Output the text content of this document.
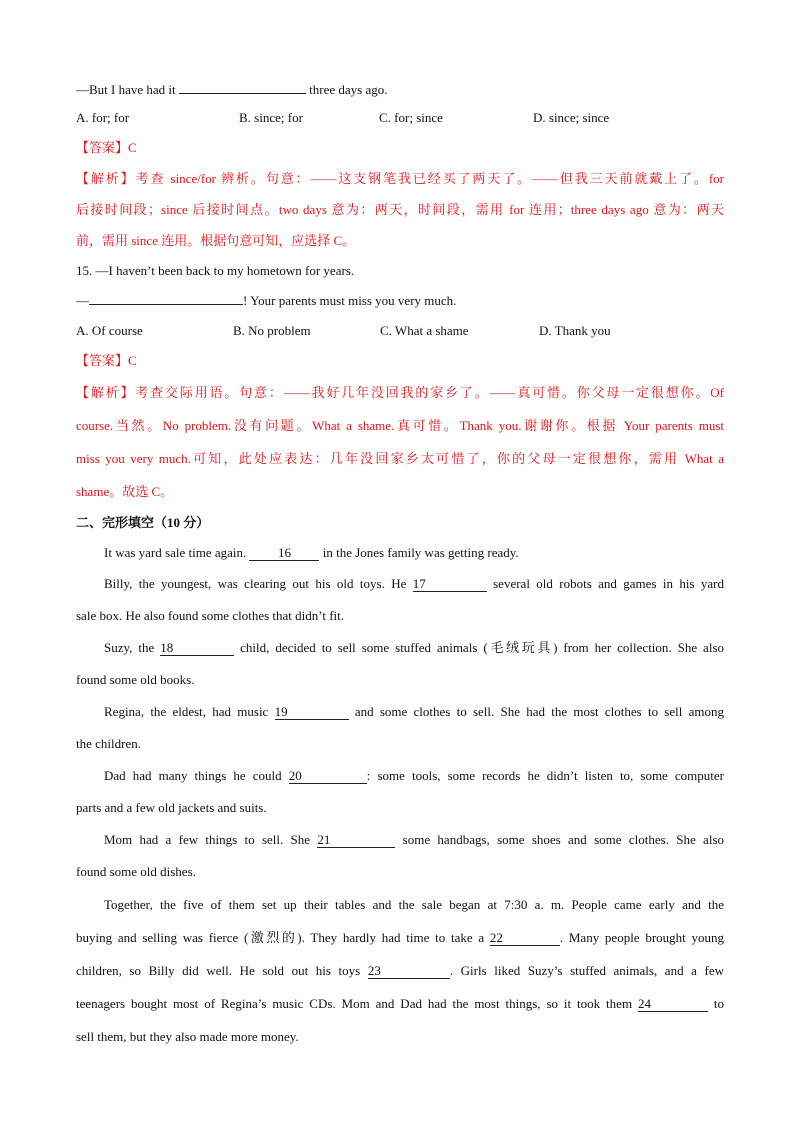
—But I have had it	three days ago.

A. for; for	B. since; for	C. for; since	D. since; since

【答案】C

【解析】考查 since/for 辨析。句意：——这支钢笔我已经买了两天了。——但我三天前就戴上了。for

后接时间段；since 后接时间点。two days 意为：两天，时间段，需用 for 连用；three days ago 意为：两天

前，需用 since 连用。根据句意可知，应选择 C。

15. —I haven’t been back to my hometown for years.

—	! Your parents must miss you very much.

A. Of course	B. No problem	C. What a shame	D. Thank you

【答案】C

【解析】考查交际用语。句意：——我好几年没回我的家乡了。——真可惜。你父母一定很想你。Of

course.当然。No problem.没有问题。What a shame.真可惜。Thank you.谢谢你。根据 Your parents must

miss you very much.可知，此处应表达：几年没回家乡太可惜了，你的父母一定很想你，需用 What a

shame。故选 C。

二、完形填空（10 分）

It was yard sale time again. 16 in the Jones family was getting ready.

Billy, the youngest, was clearing out his old toys. He 17	several old robots and games in his yard

sale box. He also found some clothes that didn’t fit.

Suzy, the 18	child, decided to sell some stuffed animals (毛绒玩具) from her collection. She also

found some old books.

Regina, the eldest, had music 19	and some clothes to sell. She had the most clothes to sell among

the children.

Dad had many things he could 20	: some tools, some records he didn’t listen to, some computer

parts and a few old jackets and suits.

Mom had a few things to sell. She 21	some handbags, some shoes and some clothes. She also

found some old dishes.

Together, the five of them set up their tables and the sale began at 7:30 a. m. People came early and the

buying and selling was fierce (激烈的). They hardly had time to take a 22	. Many people brought young

children, so Billy did well. He sold out his toys 23	. Girls liked Suzy’s stuffed animals, and a few

teenagers bought most of Regina’s music CDs. Mom and Dad had the most things, so it took them 24	to

sell them, but they also made more money.
